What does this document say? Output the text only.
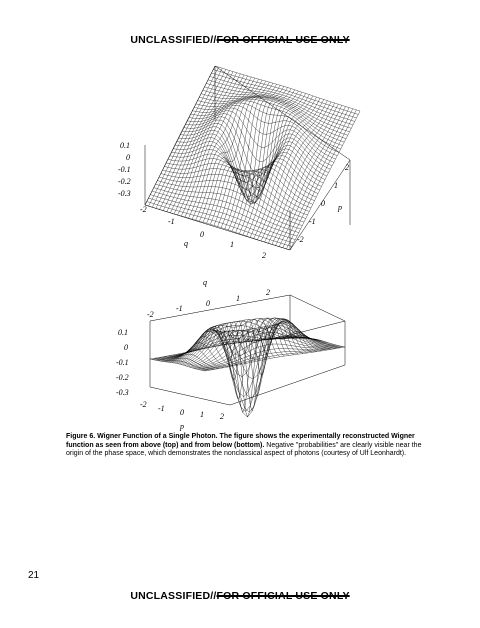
UNCLASSIFIED//FOR OFFICIAL USE ONLY
0.1
0
-0.1
-0.2
-0.3
-2
-1
0
1
2
q
2
1
0
-1
-2
p
0.1
0
-0.1
-0.2
-0.3
q
-2
-1
0
1
2
-2 -1 0 1 2
p
Figure 6. Wigner Function of a Single Photon. The figure shows the experimentally reconstructed Wigner function as seen from above (top) and from below (bottom). Negative "probabilities" are clearly visible near the origin of the phase space, which demonstrates the nonclassical aspect of photons (courtesy of Ulf Leonhardt).
21
UNCLASSIFIED//FOR OFFICIAL USE ONLY
